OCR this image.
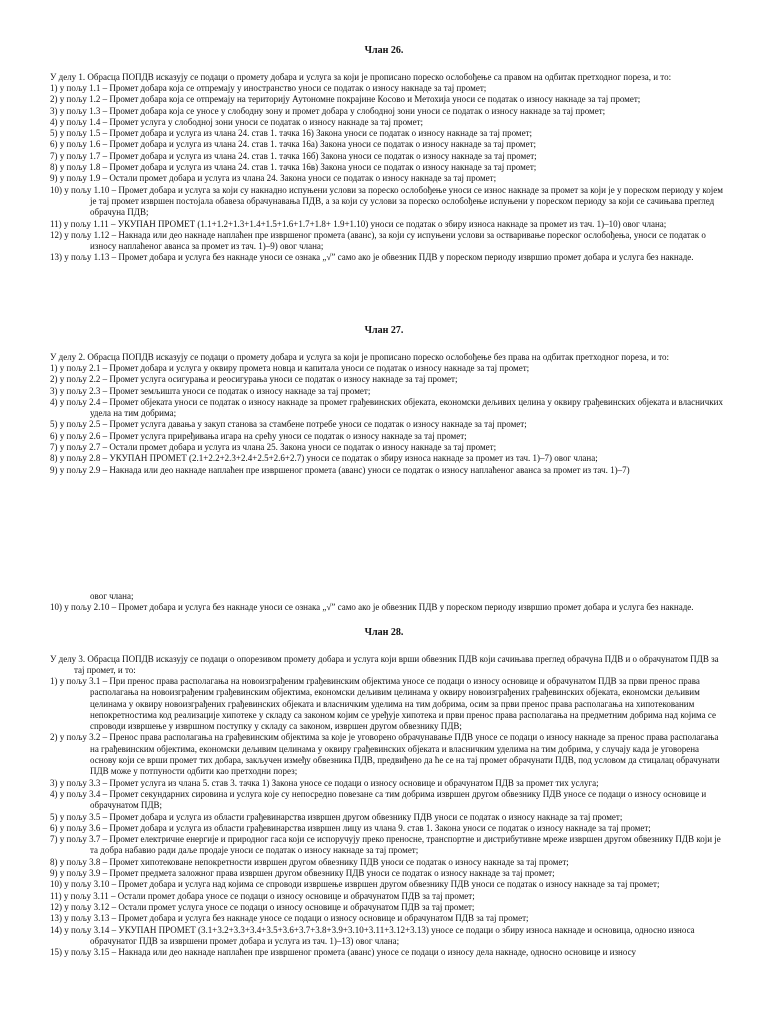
Члан 26.
У делу 1. Обрасца ПОПДВ исказују се подаци о промету добара и услуга за који је прописано пореско ослобођење са правом на одбитак претходног пореза, и то:
1) у пољу 1.1 – Промет добара која се отпремају у иностранство уноси се податак о износу накнаде за тај промет;
2) у пољу 1.2 – Промет добара која се отпремају на територију Аутономне покрајине Косово и Метохија уноси се податак о износу накнаде за тај промет;
3) у пољу 1.3 – Промет добара која се уносе у слободну зону и промет добара у слободној зони уноси се податак о износу накнаде за тај промет;
4) у пољу 1.4 – Промет услуга у слободној зони уноси се податак о износу накнаде за тај промет;
5) у пољу 1.5 – Промет добара и услуга из члана 24. став 1. тачка 16) Закона уноси се податак о износу накнаде за тај промет;
6) у пољу 1.6 – Промет добара и услуга из члана 24. став 1. тачка 16а) Закона уноси се податак о износу накнаде за тај промет;
7) у пољу 1.7 – Промет добара и услуга из члана 24. став 1. тачка 16б) Закона уноси се податак о износу накнаде за тај промет;
8) у пољу 1.8 – Промет добара и услуга из члана 24. став 1. тачка 16в) Закона уноси се податак о износу накнаде за тај промет;
9) у пољу 1.9 – Остали промет добара и услуга из члана 24. Закона уноси се податак о износу накнаде за тај промет;
10) у пољу 1.10 – Промет добара и услуга за који су накнадно испуњени услови за пореско ослобођење уноси се износ накнаде за промет за који је у пореском периоду у којем је тај промет извршен постојала обавеза обрачунавања ПДВ, а за који су услови за пореско ослобођење испуњени у пореском периоду за који се сачињава преглед обрачуна ПДВ;
11) у пољу 1.11 – УКУПАН ПРОМЕТ (1.1+1.2+1.3+1.4+1.5+1.6+1.7+1.8+ 1.9+1.10) уноси се податак о збиру износа накнаде за промет из тач. 1)–10) овог члана;
12) у пољу 1.12 – Накнада или део накнаде наплаћен пре извршеног промета (аванс), за који су испуњени услови за остваривање пореског ослобођења, уноси се податак о износу наплаћеног аванса за промет из тач. 1)–9) овог члана;
13) у пољу 1.13 – Промет добара и услуга без накнаде уноси се ознака „√” само ако је обвезник ПДВ у пореском периоду извршио промет добара и услуга без накнаде.
Члан 27.
У делу 2. Обрасца ПОПДВ исказују се подаци о промету добара и услуга за који је прописано пореско ослобођење без права на одбитак претходног пореза, и то:
1) у пољу 2.1 – Промет добара и услуга у оквиру промета новца и капитала уноси се податак о износу накнаде за тај промет;
2) у пољу 2.2 – Промет услуга осигурања и реосигурања уноси се податак о износу накнаде за тај промет;
3) у пољу 2.3 – Промет земљишта уноси се податак о износу накнаде за тај промет;
4) у пољу 2.4 – Промет објеката уноси се податак о износу накнаде за промет грађевинских објеката, економски дељивих целина у оквиру грађевинских објеката и власничких удела на тим добрима;
5) у пољу 2.5 – Промет услуга давања у закуп станова за стамбене потребе уноси се податак о износу накнаде за тај промет;
6) у пољу 2.6 – Промет услуга приређивања игара на срећу уноси се податак о износу накнаде за тај промет;
7) у пољу 2.7 – Остали промет добара и услуга из члана 25. Закона уноси се податак о износу накнаде за тај промет;
8) у пољу 2.8 – УКУПАН ПРОМЕТ (2.1+2.2+2.3+2.4+2.5+2.6+2.7) уноси се податак о збиру износа накнаде за промет из тач. 1)–7) овог члана;
9) у пољу 2.9 – Накнада или део накнаде наплаћен пре извршеног промета (аванс) уноси се податак о износу наплаћеног аванса за промет из тач. 1)–7)
овог члана;
10) у пољу 2.10 – Промет добара и услуга без накнаде уноси се ознака „√” само ако је обвезник ПДВ у пореском периоду извршио промет добара и услуга без накнаде.
Члан 28.
У делу 3. Обрасца ПОПДВ исказују се подаци о опорезивом промету добара и услуга који врши обвезник ПДВ који сачињава преглед обрачуна ПДВ и о обрачунатом ПДВ за тај промет, и то:
1) у пољу 3.1 – При пренос права располагања на новоизграђеним грађевинским објектима уносе се подаци о износу основице и обрачунатом ПДВ за први пренос права располагања на новоизграђеним грађевинским објектима, економски дељивим целинама у оквиру новоизграђених грађевинских објеката, економски дељивим целинама у оквиру новоизграђених грађевинских објеката и власничким уделима на тим добрима, осим за први пренос права располагања на хипотекованим непокретностима код реализације хипотеке у складу са законом којим се уређује хипотека и први пренос права располагања на предметним добрима над којима се спроводи извршење у извршном поступку у складу са законом, извршен другом обвезнику ПДВ;
2) у пољу 3.2 – Пренос права располагања на грађевинским објектима за које је уговорено обрачунавање ПДВ уносе се подаци о износу накнаде за пренос права располагања на грађевинским објектима, економски дељивим целинама у оквиру грађевинских објеката и власничким уделима на тим добрима, у случају када је уговорена основу који се врши промет тих добара, закључен између обвезника ПДВ, предвиђено да ће се на тај промет обрачунати ПДВ, под условом да стицалац обрачунати ПДВ може у потпуности одбити као претходни порез;
3) у пољу 3.3 – Промет услуга из члана 5. став 3. тачка 1) Закона уносе се подаци о износу основице и обрачунатом ПДВ за промет тих услуга;
4) у пољу 3.4 – Промет секундарних сировина и услуга које су непосредно повезане са тим добрима извршен другом обвезнику ПДВ уносе се подаци о износу основице и обрачунатом ПДВ;
5) у пољу 3.5 – Промет добара и услуга из области грађевинарства извршен другом обвезнику ПДВ уноси се податак о износу накнаде за тај промет;
6) у пољу 3.6 – Промет добара и услуга из области грађевинарства извршен лицу из члана 9. став 1. Закона уноси се податак о износу накнаде за тај промет;
7) у пољу 3.7 – Промет електричне енергије и природног гаса који се испоручују преко преносне, транспортне и дистрибутивне мреже извршен другом обвезнику ПДВ који је та добра набавио ради даље продаје уноси се податак о износу накнаде за тај промет;
8) у пољу 3.8 – Промет хипотековане непокретности извршен другом обвезнику ПДВ уноси се податак о износу накнаде за тај промет;
9) у пољу 3.9 – Промет предмета заложног права извршен другом обвезнику ПДВ уноси се податак о износу накнаде за тај промет;
10) у пољу 3.10 – Промет добара и услуга над којима се спроводи извршење извршен другом обвезнику ПДВ уноси се податак о износу накнаде за тај промет;
11) у пољу 3.11 – Остали промет добара уносе се подаци о износу основице и обрачунатом ПДВ за тај промет;
12) у пољу 3.12 – Остали промет услуга уносе се подаци о износу основице и обрачунатом ПДВ за тај промет;
13) у пољу 3.13 – Промет добара и услуга без накнаде уносе се подаци о износу основице и обрачунатом ПДВ за тај промет;
14) у пољу 3.14 – УКУПАН ПРОМЕТ (3.1+3.2+3.3+3.4+3.5+3.6+3.7+3.8+3.9+3.10+3.11+3.12+3.13) уносе се подаци о збиру износа накнаде и основица, односно износа обрачунатог ПДВ за извршени промет добара и услуга из тач. 1)–13) овог члана;
15) у пољу 3.15 – Накнада или део накнаде наплаћен пре извршеног промета (аванс) уносе се подаци о износу дела накнаде, односно основице и износу
